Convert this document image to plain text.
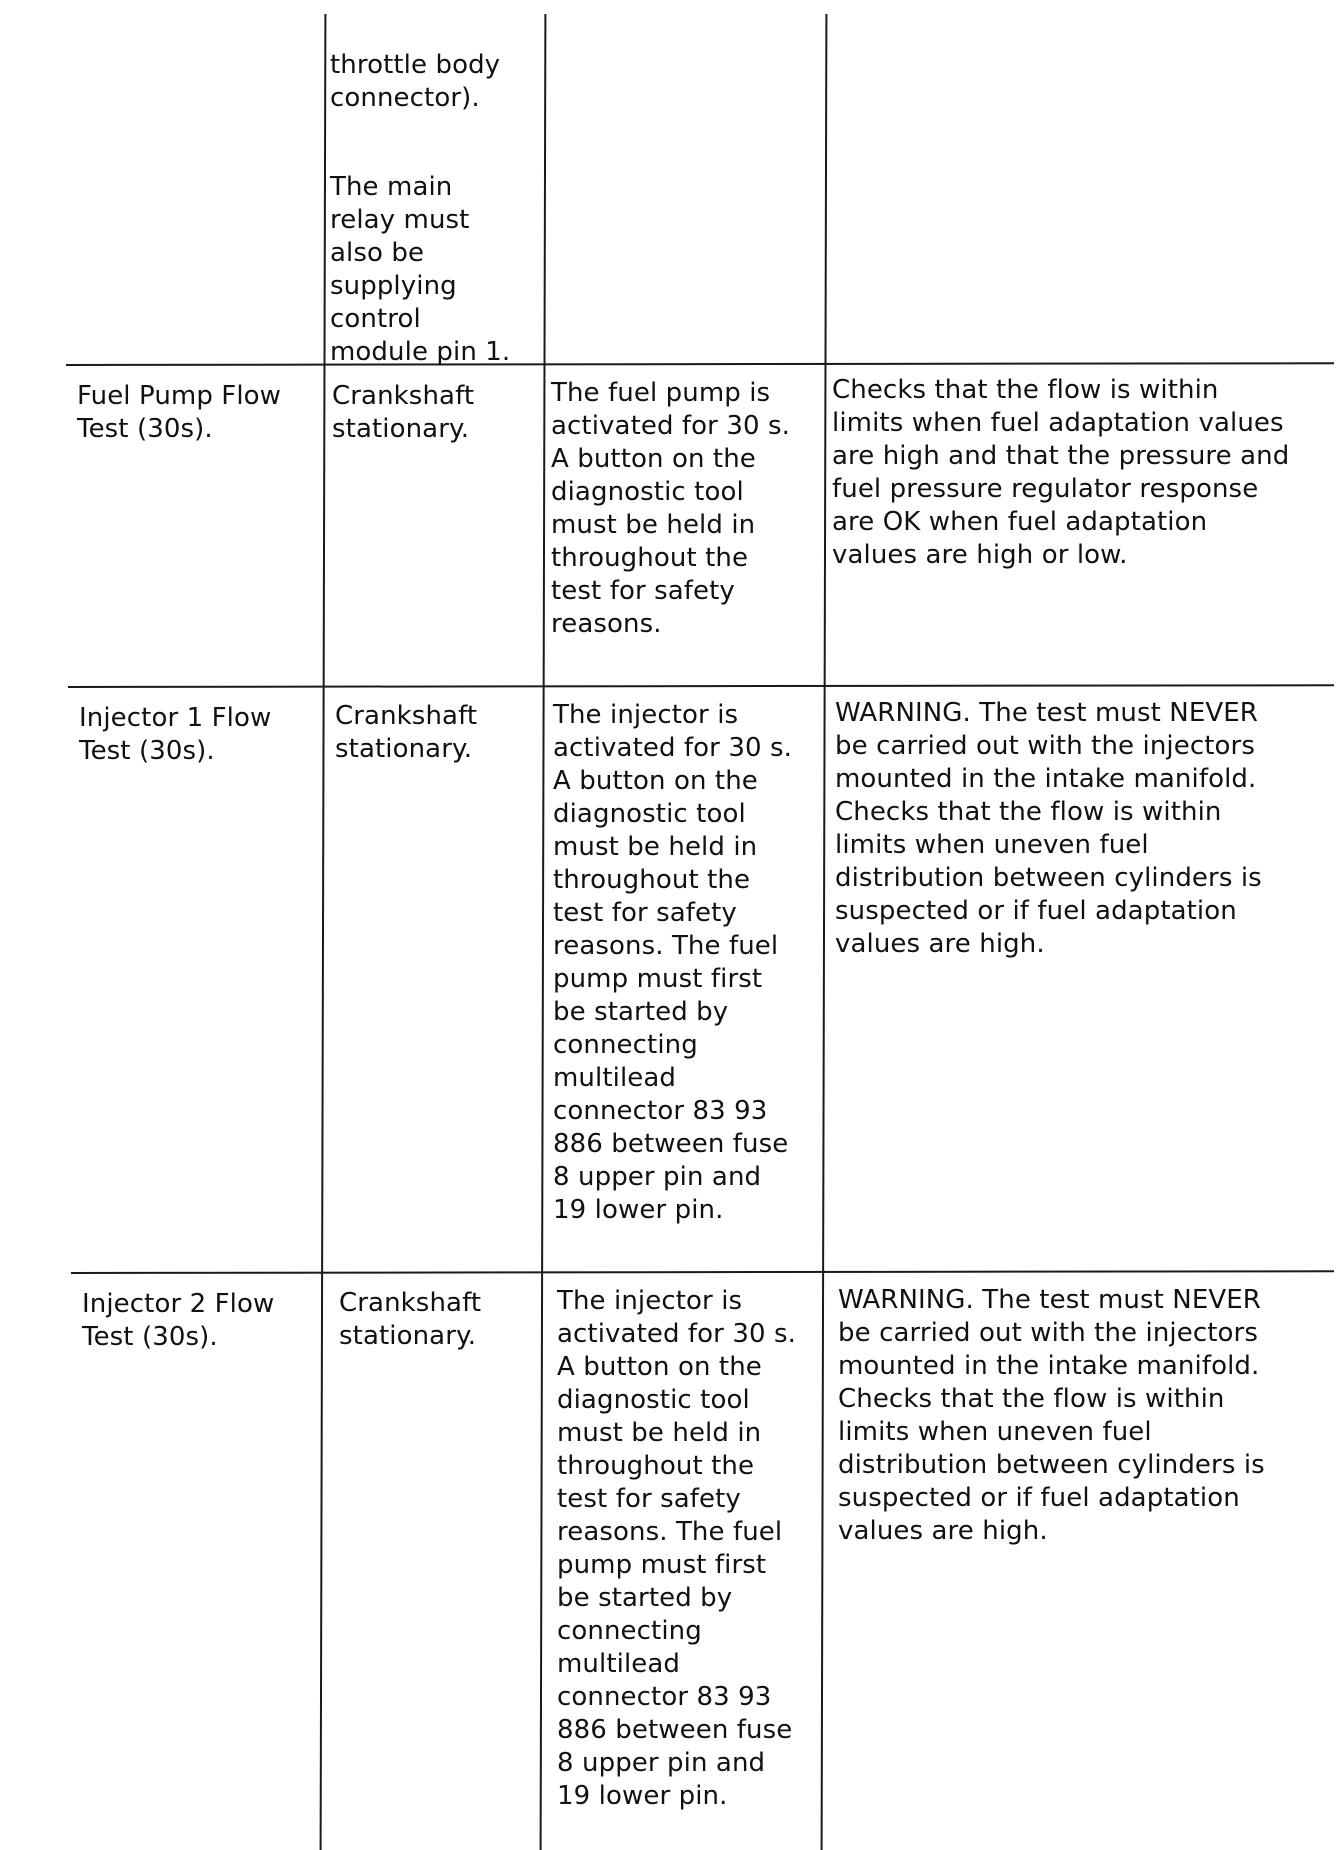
throttle body
connector).

The main
relay must
also be
supplying
control
module pin 1.

Fuel Pump Flow
Test (30s).
Crankshaft
stationary.
The fuel pump is
activated for 30 s.
A button on the
diagnostic tool
must be held in
throughout the
test for safety
reasons.
Checks that the flow is within
limits when fuel adaptation values
are high and that the pressure and
fuel pressure regulator response
are OK when fuel adaptation
values are high or low.
Injector 1 Flow
Test (30s).
Crankshaft
stationary.
The injector is
activated for 30 s.
A button on the
diagnostic tool
must be held in
throughout the
test for safety
reasons. The fuel
pump must first
be started by
connecting
multilead
connector 83 93
886 between fuse
8 upper pin and
19 lower pin.
WARNING. The test must NEVER
be carried out with the injectors
mounted in the intake manifold.
Checks that the flow is within
limits when uneven fuel
distribution between cylinders is
suspected or if fuel adaptation
values are high.
Injector 2 Flow
Test (30s).
Crankshaft
stationary.
The injector is
activated for 30 s.
A button on the
diagnostic tool
must be held in
throughout the
test for safety
reasons. The fuel
pump must first
be started by
connecting
multilead
connector 83 93
886 between fuse
8 upper pin and
19 lower pin.
WARNING. The test must NEVER
be carried out with the injectors
mounted in the intake manifold.
Checks that the flow is within
limits when uneven fuel
distribution between cylinders is
suspected or if fuel adaptation
values are high.
